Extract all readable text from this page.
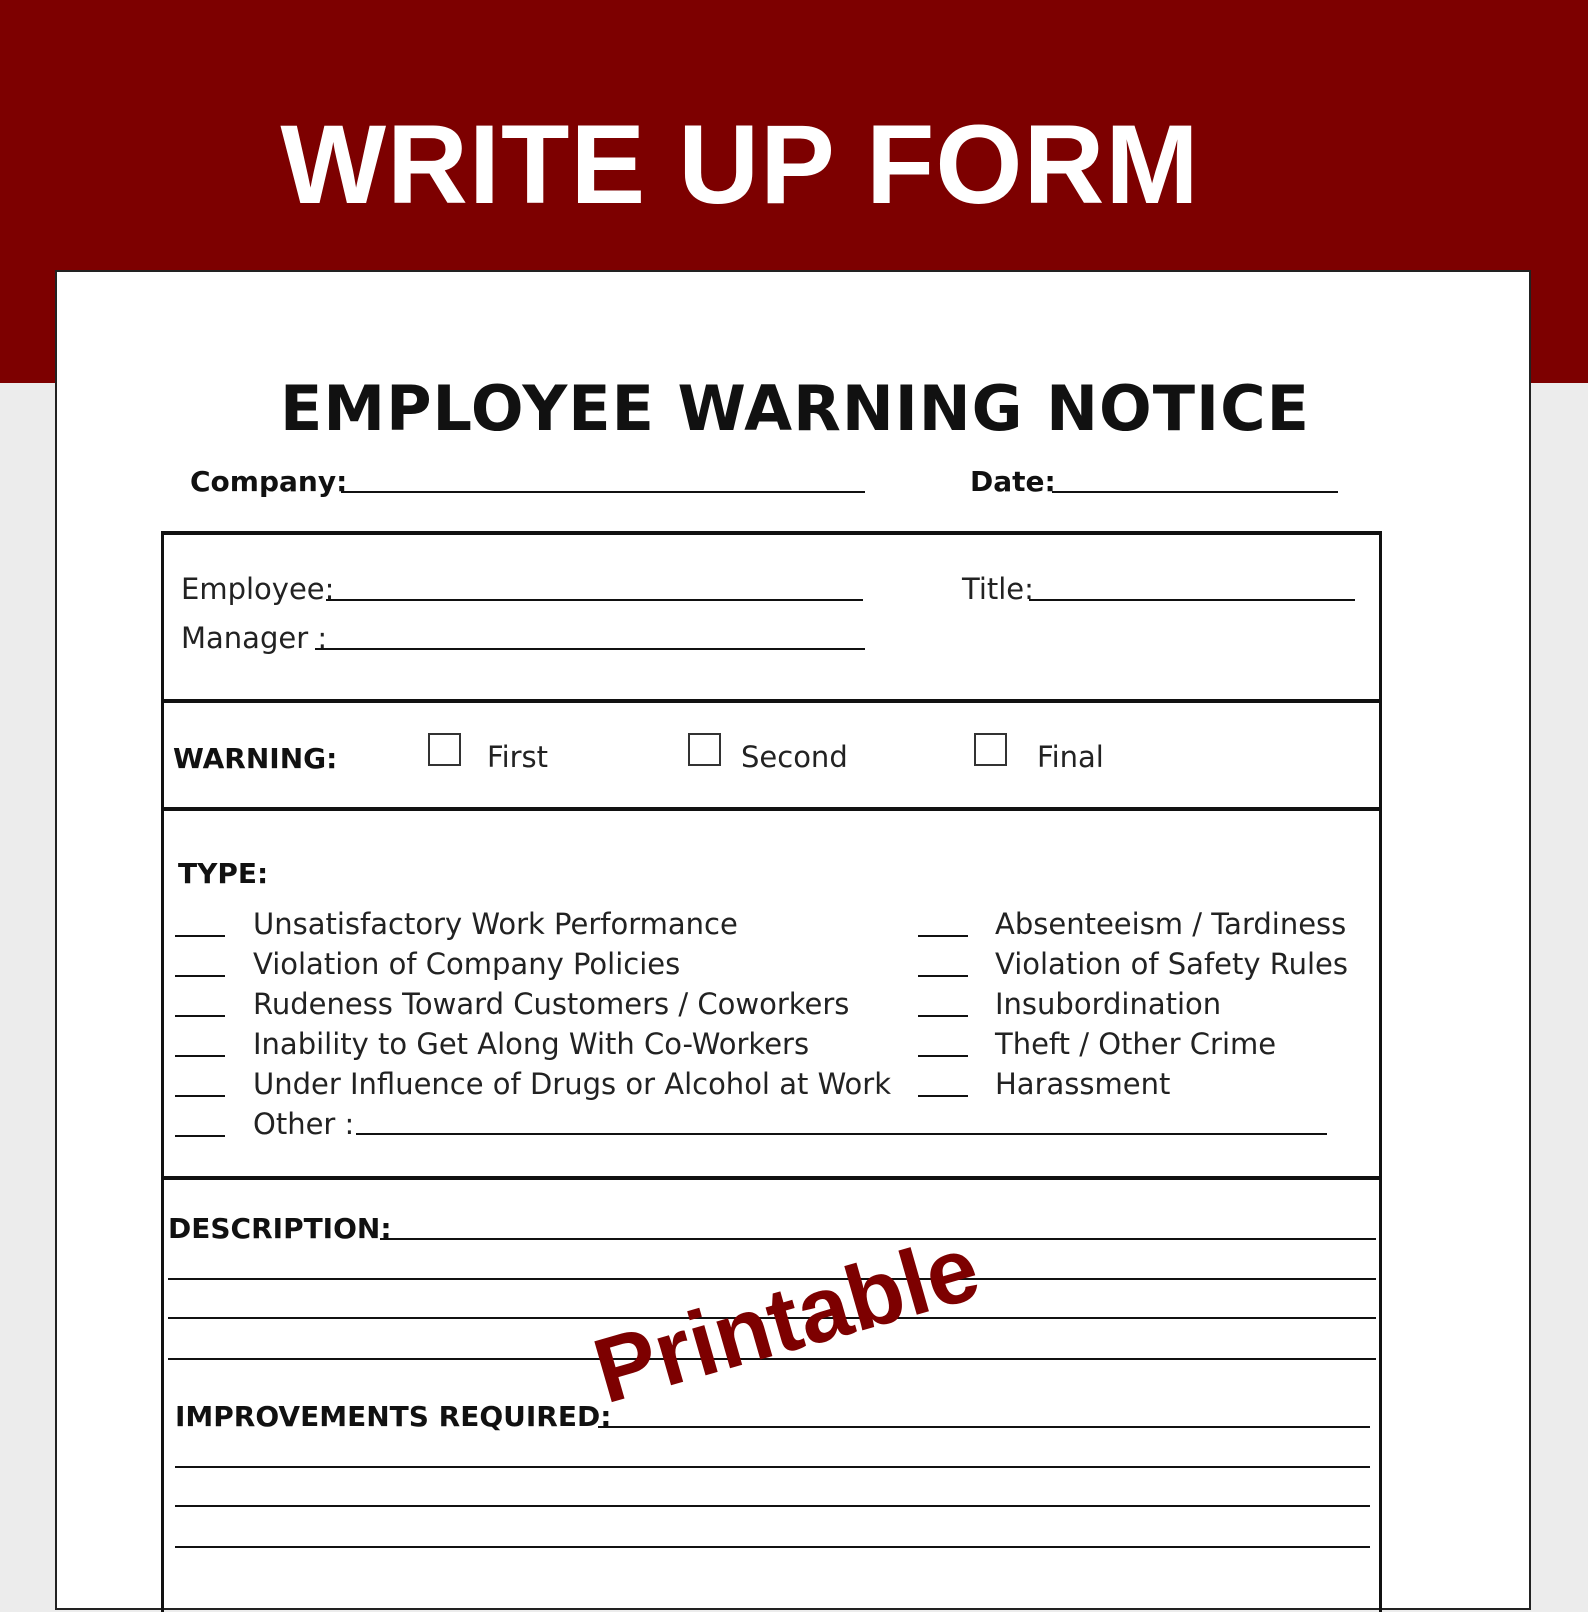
WRITE UP FORM
EMPLOYEE WARNING NOTICE
Company:	Date:
Employee:	Title:
Manager :
WARNING:	First	Second	Final
TYPE:
Unsatisfactory Work Performance
Violation of Company Policies
Rudeness Toward Customers / Coworkers
Inability to Get Along With Co-Workers
Under Influence of Drugs or Alcohol at Work
Other :
Absenteeism / Tardiness
Violation of Safety Rules
Insubordination
Theft / Other Crime
Harassment
DESCRIPTION:
IMPROVEMENTS REQUIRED:
Printable
